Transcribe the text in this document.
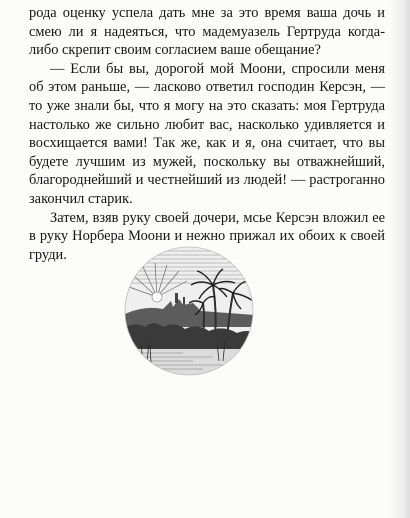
рода оценку успела дать мне за это время ваша дочь и смею ли я надеяться, что мадемуазель Гертруда когда-либо скрепит своим согласием ваше обещание?

— Если бы вы, дорогой мой Моони, спросили меня об этом раньше, — ласково ответил господин Керсэн, — то уже знали бы, что я могу на это сказать: моя Гертруда настолько же сильно любит вас, насколько удивляется и восхищается вами! Так же, как и я, она считает, что вы будете лучшим из мужей, поскольку вы отважнейший, благороднейший и честнейший из людей! — растроганно закончил старик.

Затем, взяв руку своей дочери, мсье Керсэн вложил ее в руку Норбера Моони и нежно прижал их обоих к своей груди.
